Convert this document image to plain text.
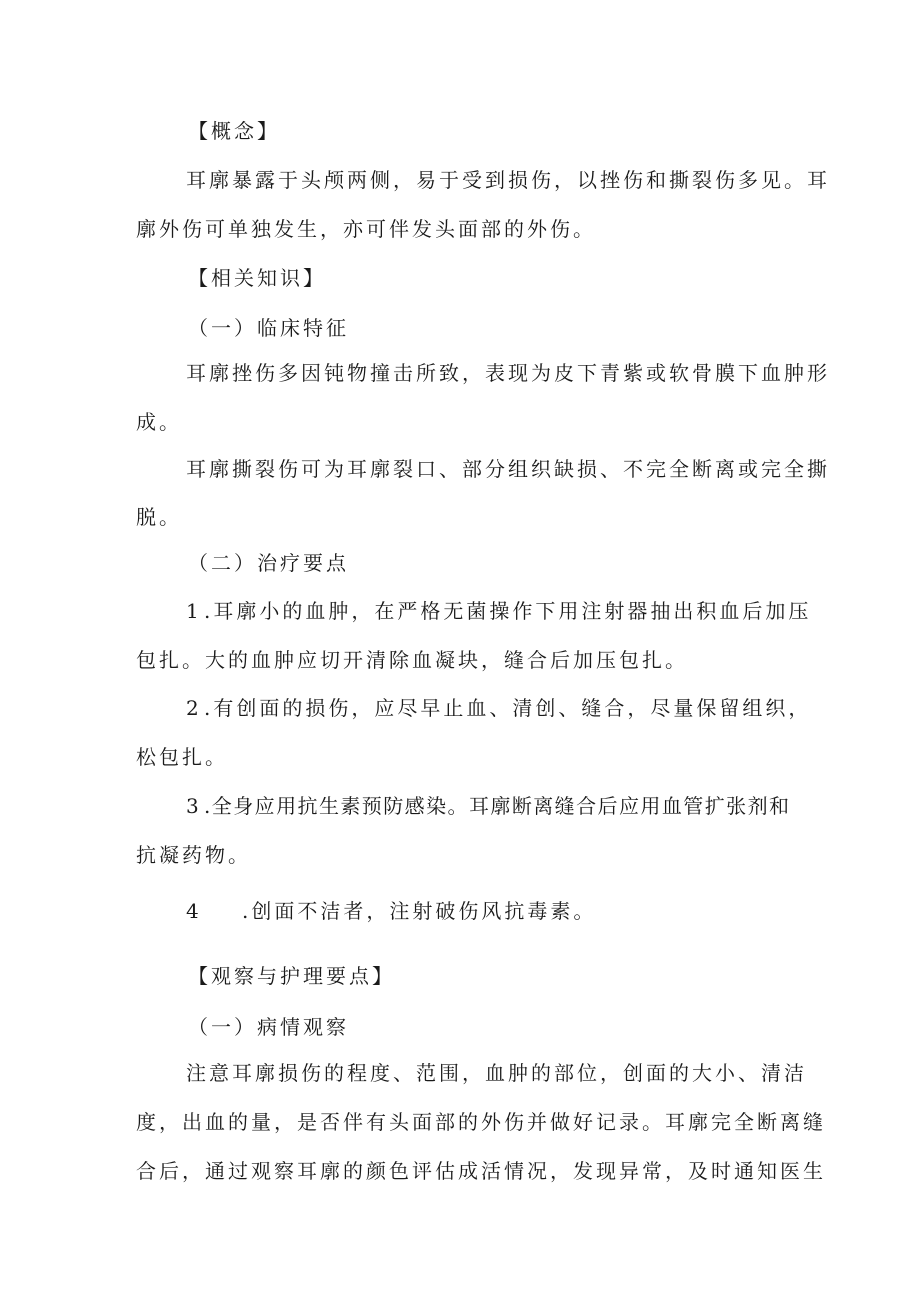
【概念】
耳廓暴露于头颅两侧，易于受到损伤，以挫伤和撕裂伤多见。耳
廓外伤可单独发生，亦可伴发头面部的外伤。
【相关知识】
（一）临床特征
耳廓挫伤多因钝物撞击所致，表现为皮下青紫或软骨膜下血肿形
成。
耳廓撕裂伤可为耳廓裂口、部分组织缺损、不完全断离或完全撕
脱。
（二）治疗要点
1 .耳廓小的血肿，在严格无菌操作下用注射器抽出积血后加压
包扎。大的血肿应切开清除血凝块，缝合后加压包扎。
2 .有创面的损伤，应尽早止血、清创、缝合，尽量保留组织，
松包扎。
3 .全身应用抗生素预防感染。耳廓断离缝合后应用血管扩张剂和
抗凝药物。
4 .创面不洁者，注射破伤风抗毒素。
【观察与护理要点】
（一）病情观察
注意耳廓损伤的程度、范围，血肿的部位，创面的大小、清洁
度，出血的量，是否伴有头面部的外伤并做好记录。耳廓完全断离缝
合后，通过观察耳廓的颜色评估成活情况，发现异常，及时通知医生
